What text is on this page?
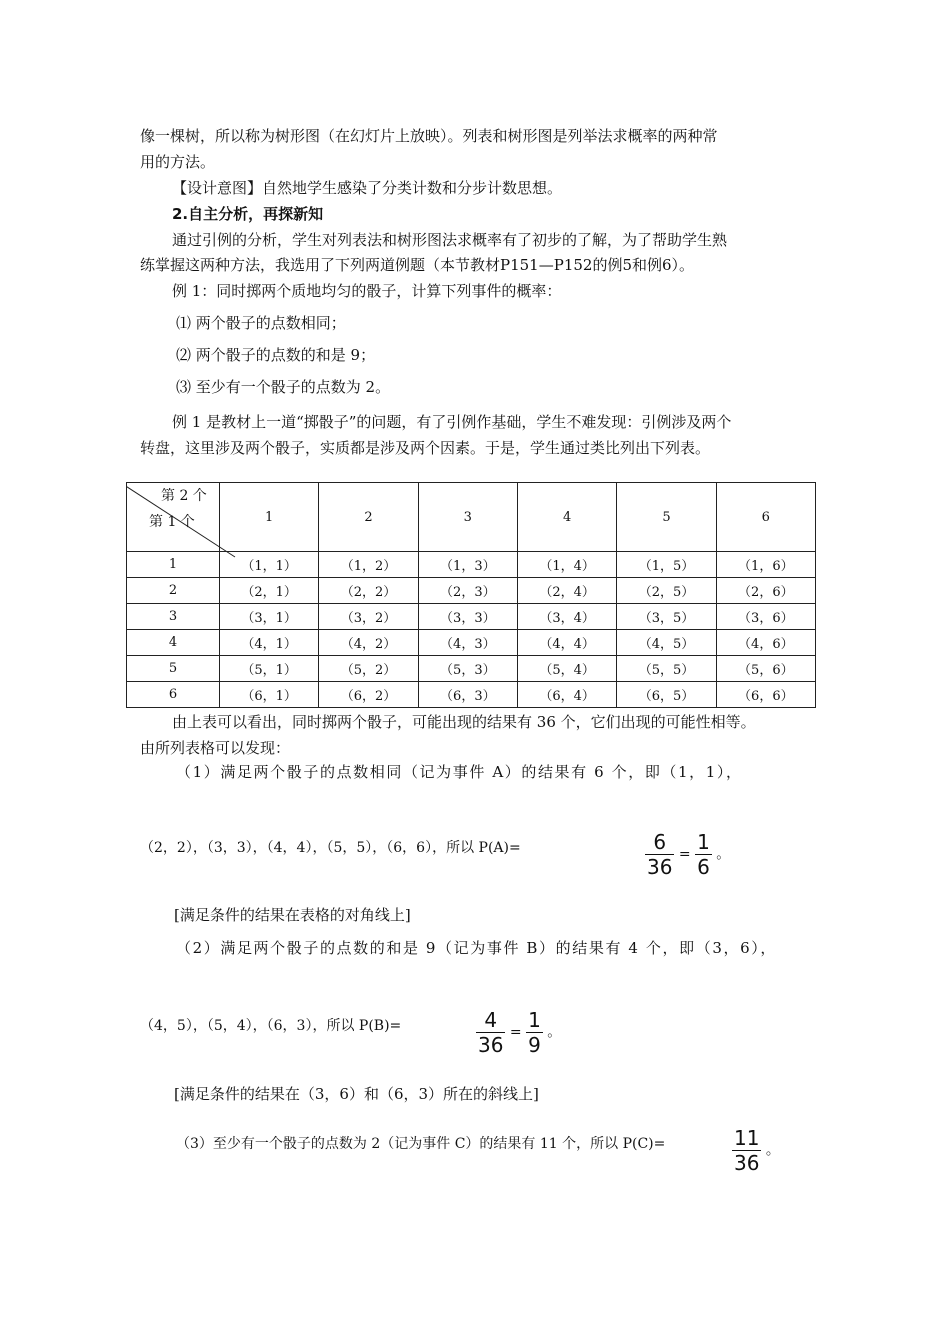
像一棵树，所以称为树形图（在幻灯片上放映）。列表和树形图是列举法求概率的两种常
用的方法。
【设计意图】自然地学生感染了分类计数和分步计数思想。
2.自主分析，再探新知
通过引例的分析，学生对列表法和树形图法求概率有了初步的了解，为了帮助学生熟
练掌握这两种方法，我选用了下列两道例题（本节教材P151—P152的例5和例6）。
例 1：同时掷两个质地均匀的骰子，计算下列事件的概率：
⑴ 两个骰子的点数相同；
⑵ 两个骰子的点数的和是 9；
⑶ 至少有一个骰子的点数为 2。
例 1 是教材上一道“掷骰子”的问题，有了引例作基础，学生不难发现：引例涉及两个
转盘，这里涉及两个骰子，实质都是涉及两个因素。于是，学生通过类比列出下列表。
第 2 个
第 1 个	1	2	3	4	5	6
1	（1，1）	（1，2）	（1，3）	（1，4）	（1，5）	（1，6）
2	（2，1）	（2，2）	（2，3）	（2，4）	（2，5）	（2，6）
3	（3，1）	（3，2）	（3，3）	（3，4）	（3，5）	（3，6）
4	（4，1）	（4，2）	（4，3）	（4，4）	（4，5）	（4，6）
5	（5，1）	（5，2）	（5，3）	（5，4）	（5，5）	（5，6）
6	（6，1）	（6，2）	（6，3）	（6，4）	（6，5）	（6，6）
由上表可以看出，同时掷两个骰子，可能出现的结果有 36 个，它们出现的可能性相等。
由所列表格可以发现：
（1）满足两个骰子的点数相同（记为事件 A）的结果有 6 个，即（1，1），
（2，2），（3，3），（4，4），（5，5），（6，6），所以 P(A)=	$\frac{6}{36} = \frac{1}{6}$ 。
[满足条件的结果在表格的对角线上]
（2）满足两个骰子的点数的和是 9（记为事件 B）的结果有 4 个，即（3，6），
（4，5），（5，4），（6，3），所以 P(B)=	$\frac{4}{36} = \frac{1}{9}$ 。
[满足条件的结果在（3，6）和（6，3）所在的斜线上]
（3）至少有一个骰子的点数为 2（记为事件 C）的结果有 11 个，所以 P(C)=	$\frac{11}{36}$ 。
